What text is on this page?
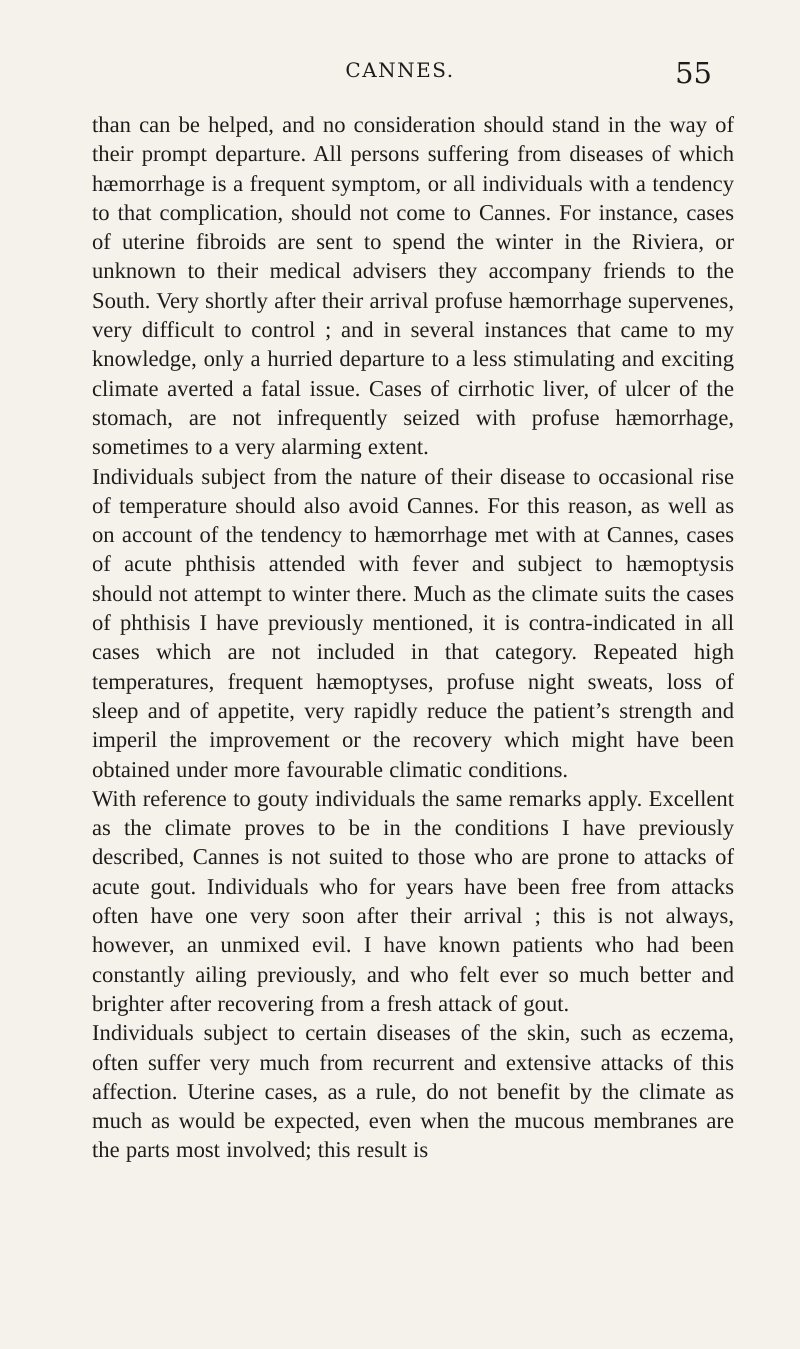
CANNES.	55

than can be helped, and no consideration should stand in the way of their prompt departure. All persons suffering from diseases of which hæmorrhage is a frequent symptom, or all individuals with a tendency to that complication, should not come to Cannes. For instance, cases of uterine fibroids are sent to spend the winter in the Riviera, or unknown to their medical advisers they accompany friends to the South. Very shortly after their arrival profuse hæmorrhage supervenes, very difficult to control ; and in several instances that came to my knowledge, only a hurried departure to a less stimulating and exciting climate averted a fatal issue. Cases of cirrhotic liver, of ulcer of the stomach, are not infrequently seized with profuse hæmorrhage, sometimes to a very alarming extent.

Individuals subject from the nature of their disease to occasional rise of temperature should also avoid Cannes. For this reason, as well as on account of the tendency to hæmorrhage met with at Cannes, cases of acute phthisis attended with fever and subject to hæmoptysis should not attempt to winter there. Much as the climate suits the cases of phthisis I have previously mentioned, it is contra-indicated in all cases which are not included in that category. Repeated high temperatures, frequent hæmoptyses, profuse night sweats, loss of sleep and of appetite, very rapidly reduce the patient’s strength and imperil the improvement or the recovery which might have been obtained under more favourable climatic conditions.

With reference to gouty individuals the same remarks apply. Excellent as the climate proves to be in the conditions I have previously described, Cannes is not suited to those who are prone to attacks of acute gout. Individuals who for years have been free from attacks often have one very soon after their arrival ; this is not always, however, an unmixed evil. I have known patients who had been constantly ailing previously, and who felt ever so much better and brighter after recovering from a fresh attack of gout.

Individuals subject to certain diseases of the skin, such as eczema, often suffer very much from recurrent and extensive attacks of this affection. Uterine cases, as a rule, do not benefit by the climate as much as would be expected, even when the mucous membranes are the parts most involved; this result is
